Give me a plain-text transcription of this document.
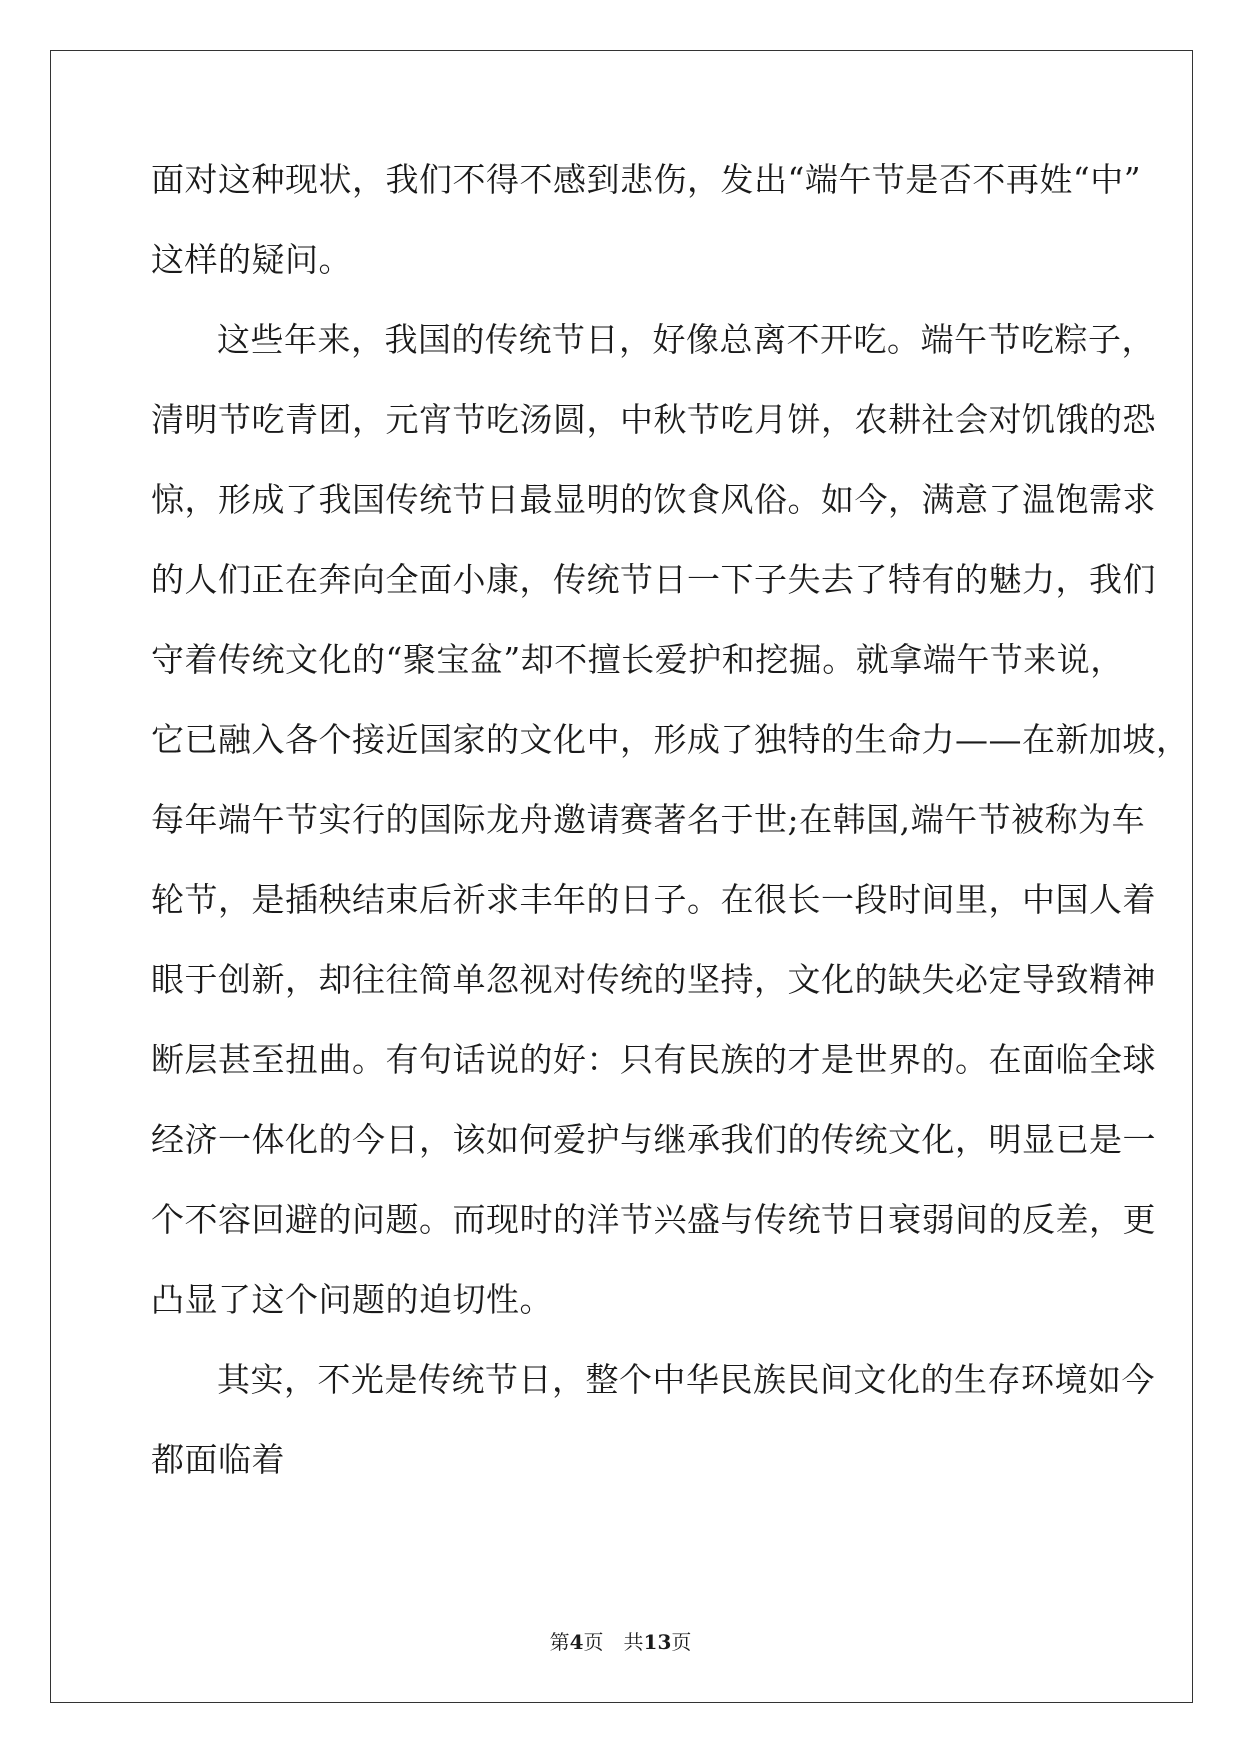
面对这种现状，我们不得不感到悲伤，发出“端午节是否不再姓“中”
这样的疑问。
这些年来，我国的传统节日，好像总离不开吃。端午节吃粽子，
清明节吃青团，元宵节吃汤圆，中秋节吃月饼，农耕社会对饥饿的恐
惊，形成了我国传统节日最显明的饮食风俗。如今，满意了温饱需求
的人们正在奔向全面小康，传统节日一下子失去了特有的魅力，我们
守着传统文化的“聚宝盆”却不擅长爱护和挖掘。就拿端午节来说，
它已融入各个接近国家的文化中，形成了独特的生命力——在新加坡，
每年端午节实行的国际龙舟邀请赛著名于世;在韩国,端午节被称为车
轮节，是插秧结束后祈求丰年的日子。在很长一段时间里，中国人着
眼于创新，却往往简单忽视对传统的坚持，文化的缺失必定导致精神
断层甚至扭曲。有句话说的好：只有民族的才是世界的。在面临全球
经济一体化的今日，该如何爱护与继承我们的传统文化，明显已是一
个不容回避的问题。而现时的洋节兴盛与传统节日衰弱间的反差，更
凸显了这个问题的迫切性。
其实，不光是传统节日，整个中华民族民间文化的生存环境如今
都面临着
第4页 共13页
